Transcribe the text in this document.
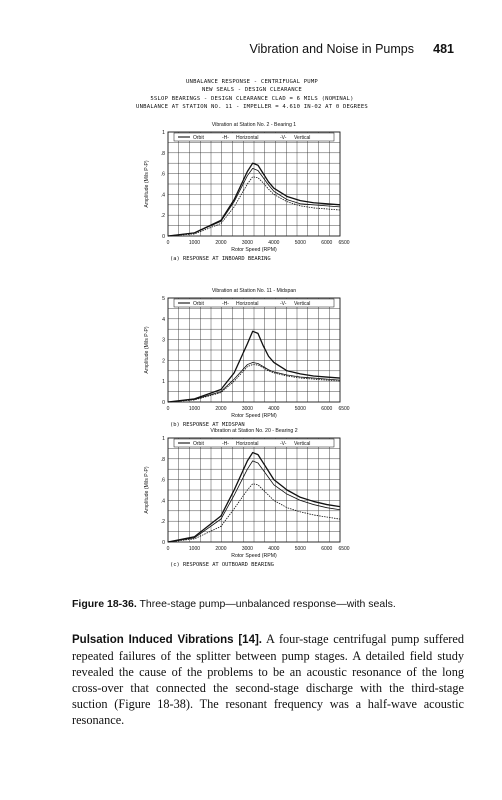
Vibration and Noise in Pumps 481
UNBALANCE RESPONSE - CENTRIFUGAL PUMP
NEW SEALS - DESIGN CLEARANCE
5SLOP BEARINGS - DESIGN CLEARANCE CLAD = 6 MILS (NOMINAL)
UNBALANCE AT STATION NO. 11 - IMPELLER = 4.610 IN-02 AT 0 DEGREES
Vibration at Station No. 2 - Bearing 1
Orbit	-H- Horizontal	-V- Vertical
0
.2
.4
.6
.8
1
0	1000	2000	3000	4000	5000	6000 6500
Rotor Speed (RPM)
Amplitude (Mils P-P)
(a) RESPONSE AT INBOARD BEARING
Vibration at Station No. 11 - Midspan
Orbit	-H- Horizontal	-V- Vertical
0
1
2
3
4
5
0	1000	2000	3000	4000	5000	6000 6500
Rotor Speed (RPM)
Amplitude (Mils P-P)
(b) RESPONSE AT MIDSPAN
Vibration at Station No. 20 - Bearing 2
Orbit	-H- Horizontal	-V- Vertical
0
.2
.4
.6
.8
1
0	1000	2000	3000	4000	5000	6000 6500
Rotor Speed (RPM)
Amplitude (Mils P-P)
(c) RESPONSE AT OUTBOARD BEARING
Figure 18-36. Three-stage pump—unbalanced response—with seals.
Pulsation Induced Vibrations [14]. A four-stage centrifugal pump suffered repeated failures of the splitter between pump stages. A detailed field study revealed the cause of the problems to be an acoustic resonance of the long cross-over that connected the second-stage discharge with the third-stage suction (Figure 18-38). The resonant frequency was a half-wave acoustic resonance.
